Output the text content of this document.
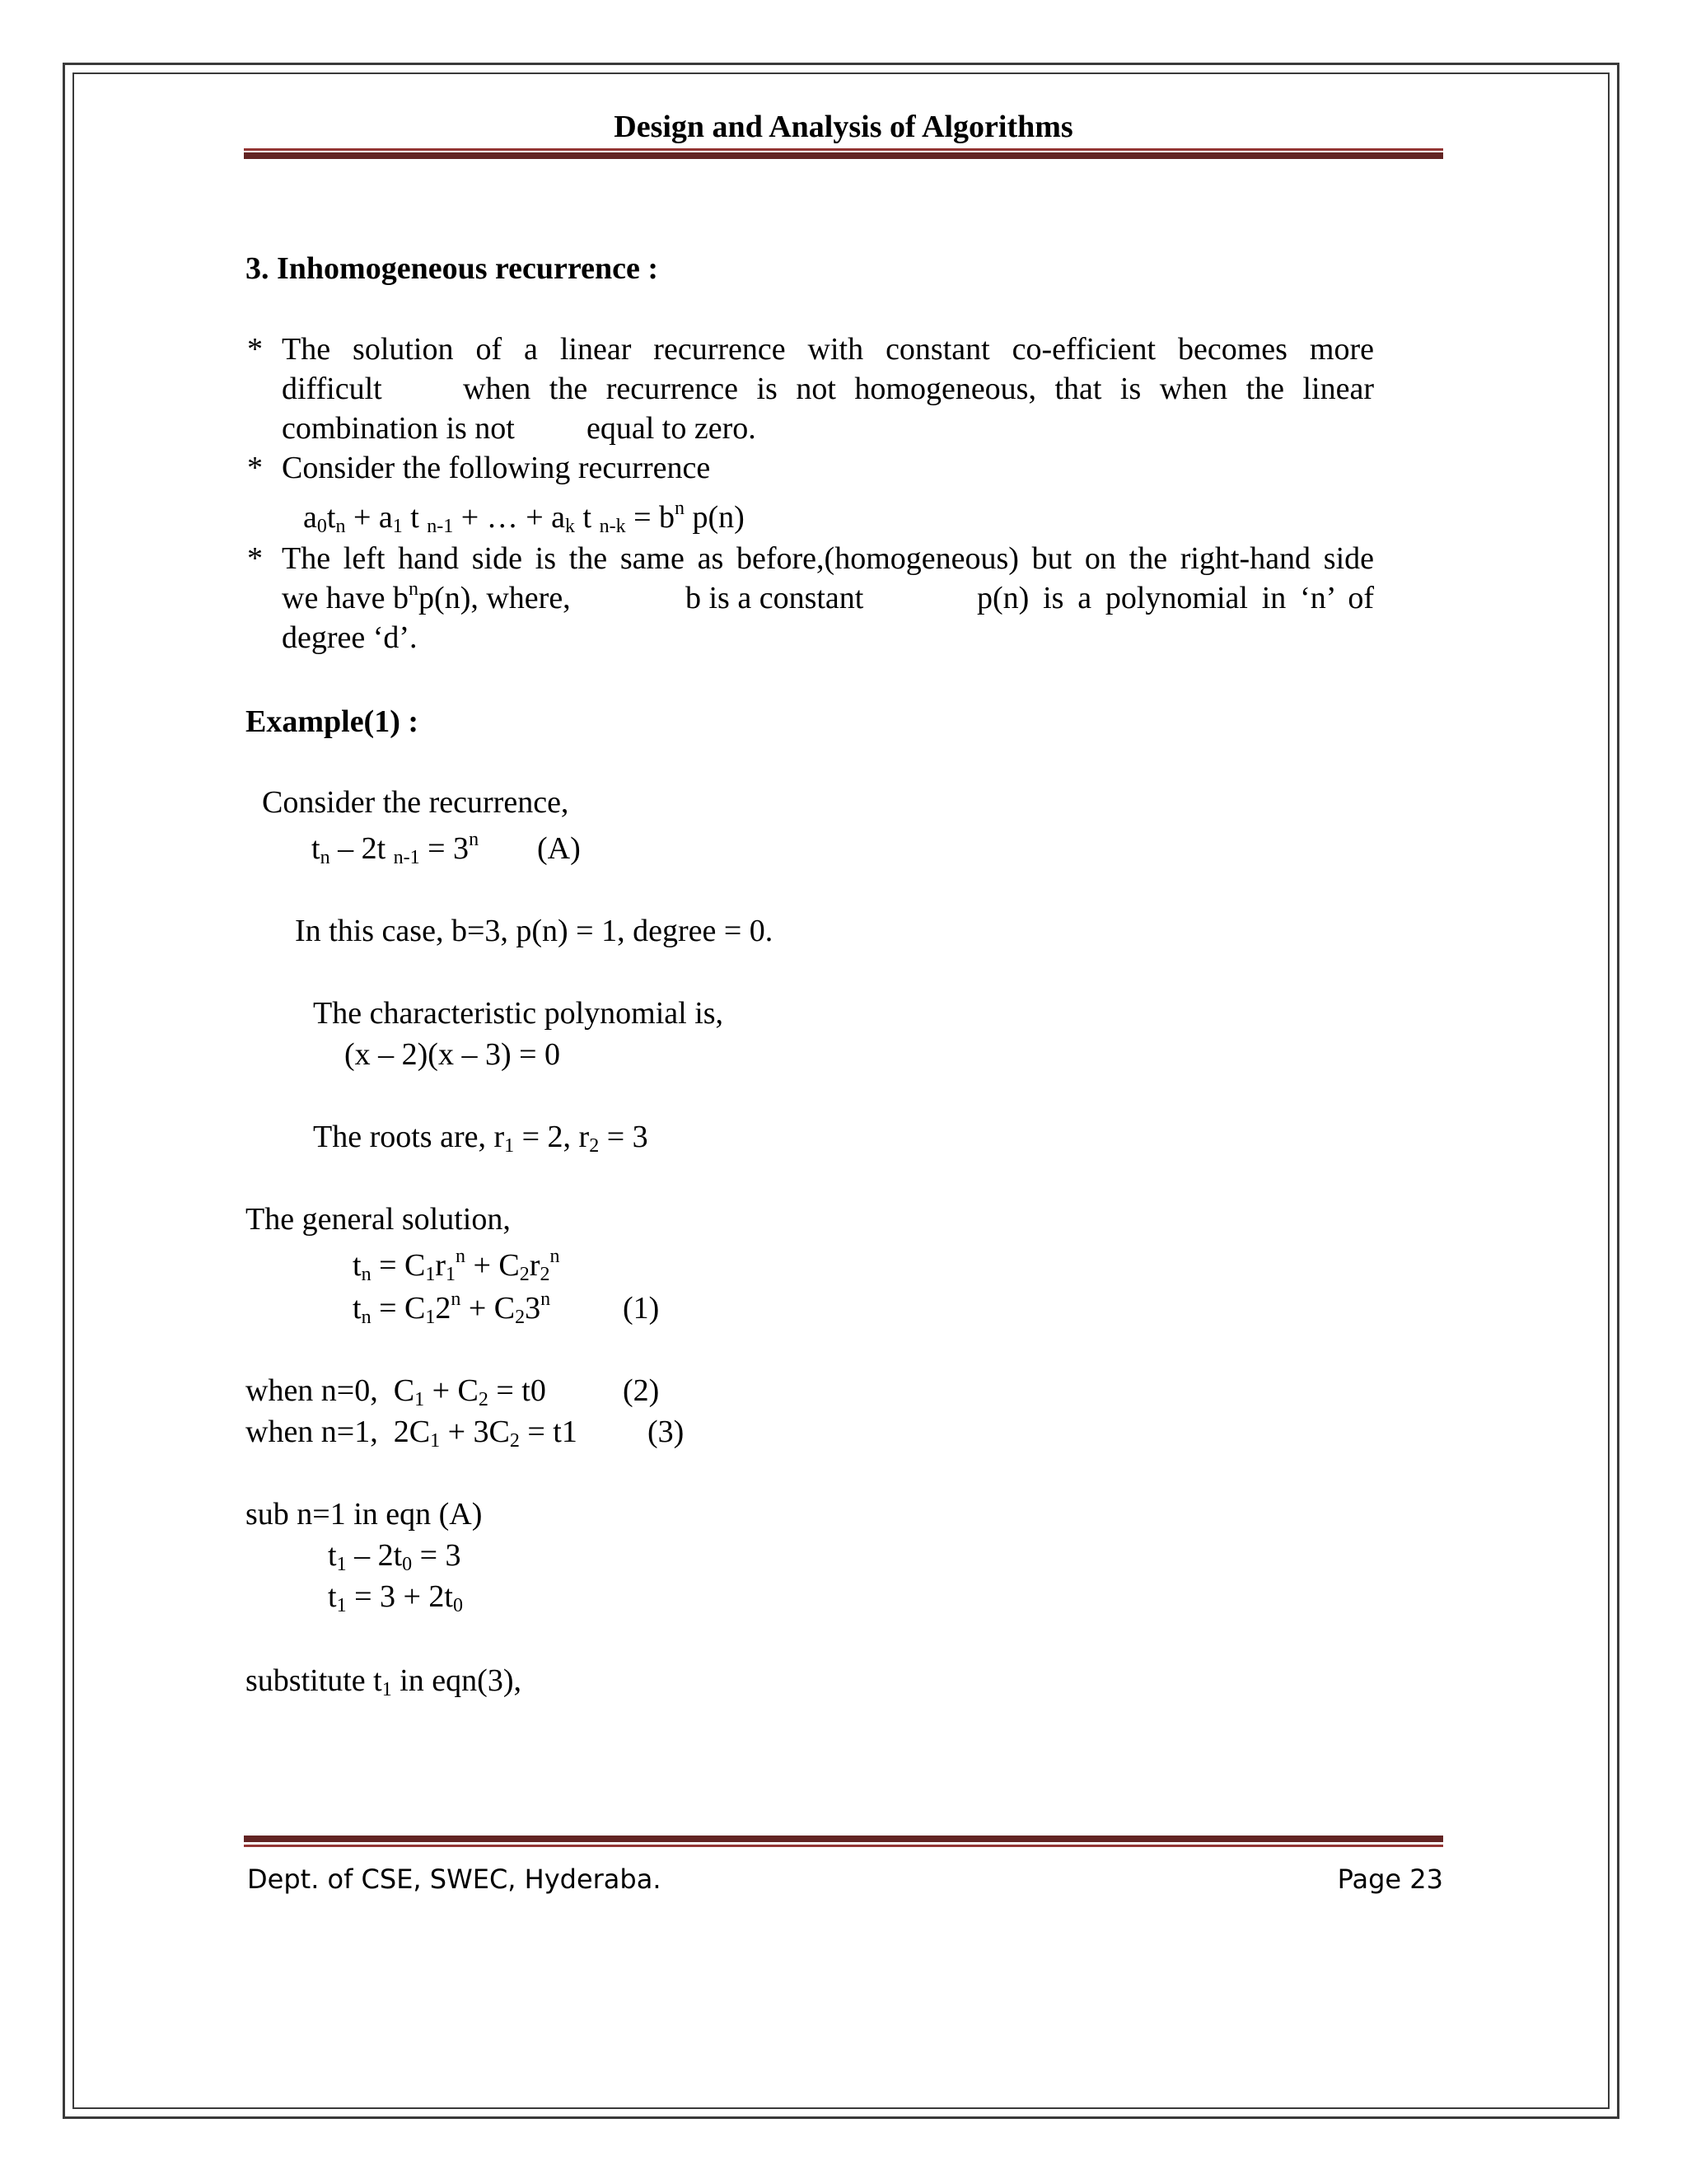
Design and Analysis of Algorithms
3. Inhomogeneous recurrence :
* The solution of a linear recurrence with constant co-efficient becomes more
difficult	when the recurrence is not homogeneous, that is when the linear
combination is not equal to zero.
* Consider the following recurrence
$a_0t_n + a_1$ t $_{n-1}$ + … + $a_k$ t $_{n-k} = b^n$ p(n)
* The left hand side is the same as before,(homogeneous) but on the right-hand side
we have $b^np(n)$, where,	b is a constant	p(n) is a polynomial in ‘n’ of
degree ‘d’.
Example(1) :
Consider the recurrence,
$t_n - 2t$ $_{n-1} = 3^n$ (A)
In this case, b=3, p(n) = 1, degree = 0.
The characteristic polynomial is,
(x – 2)(x – 3) = 0
The roots are, $r_1 = 2$, $r_2 = 3$
The general solution,
$t_n = C_1r_1^n + C_2r_2^n$
$t_n = C_12^n + C_23^n$ (1)
when n=0,  $C_1 + C_2 = t0$ (2)
when n=1,  $2C_1 + 3C_2 = t1$ (3)
sub n=1 in eqn (A)
$t_1 - 2t_0 = 3$
$t_1 = 3 + 2t_0$
substitute $t_1$ in eqn(3),
Dept. of CSE, SWEC, Hyderaba.	Page 23
